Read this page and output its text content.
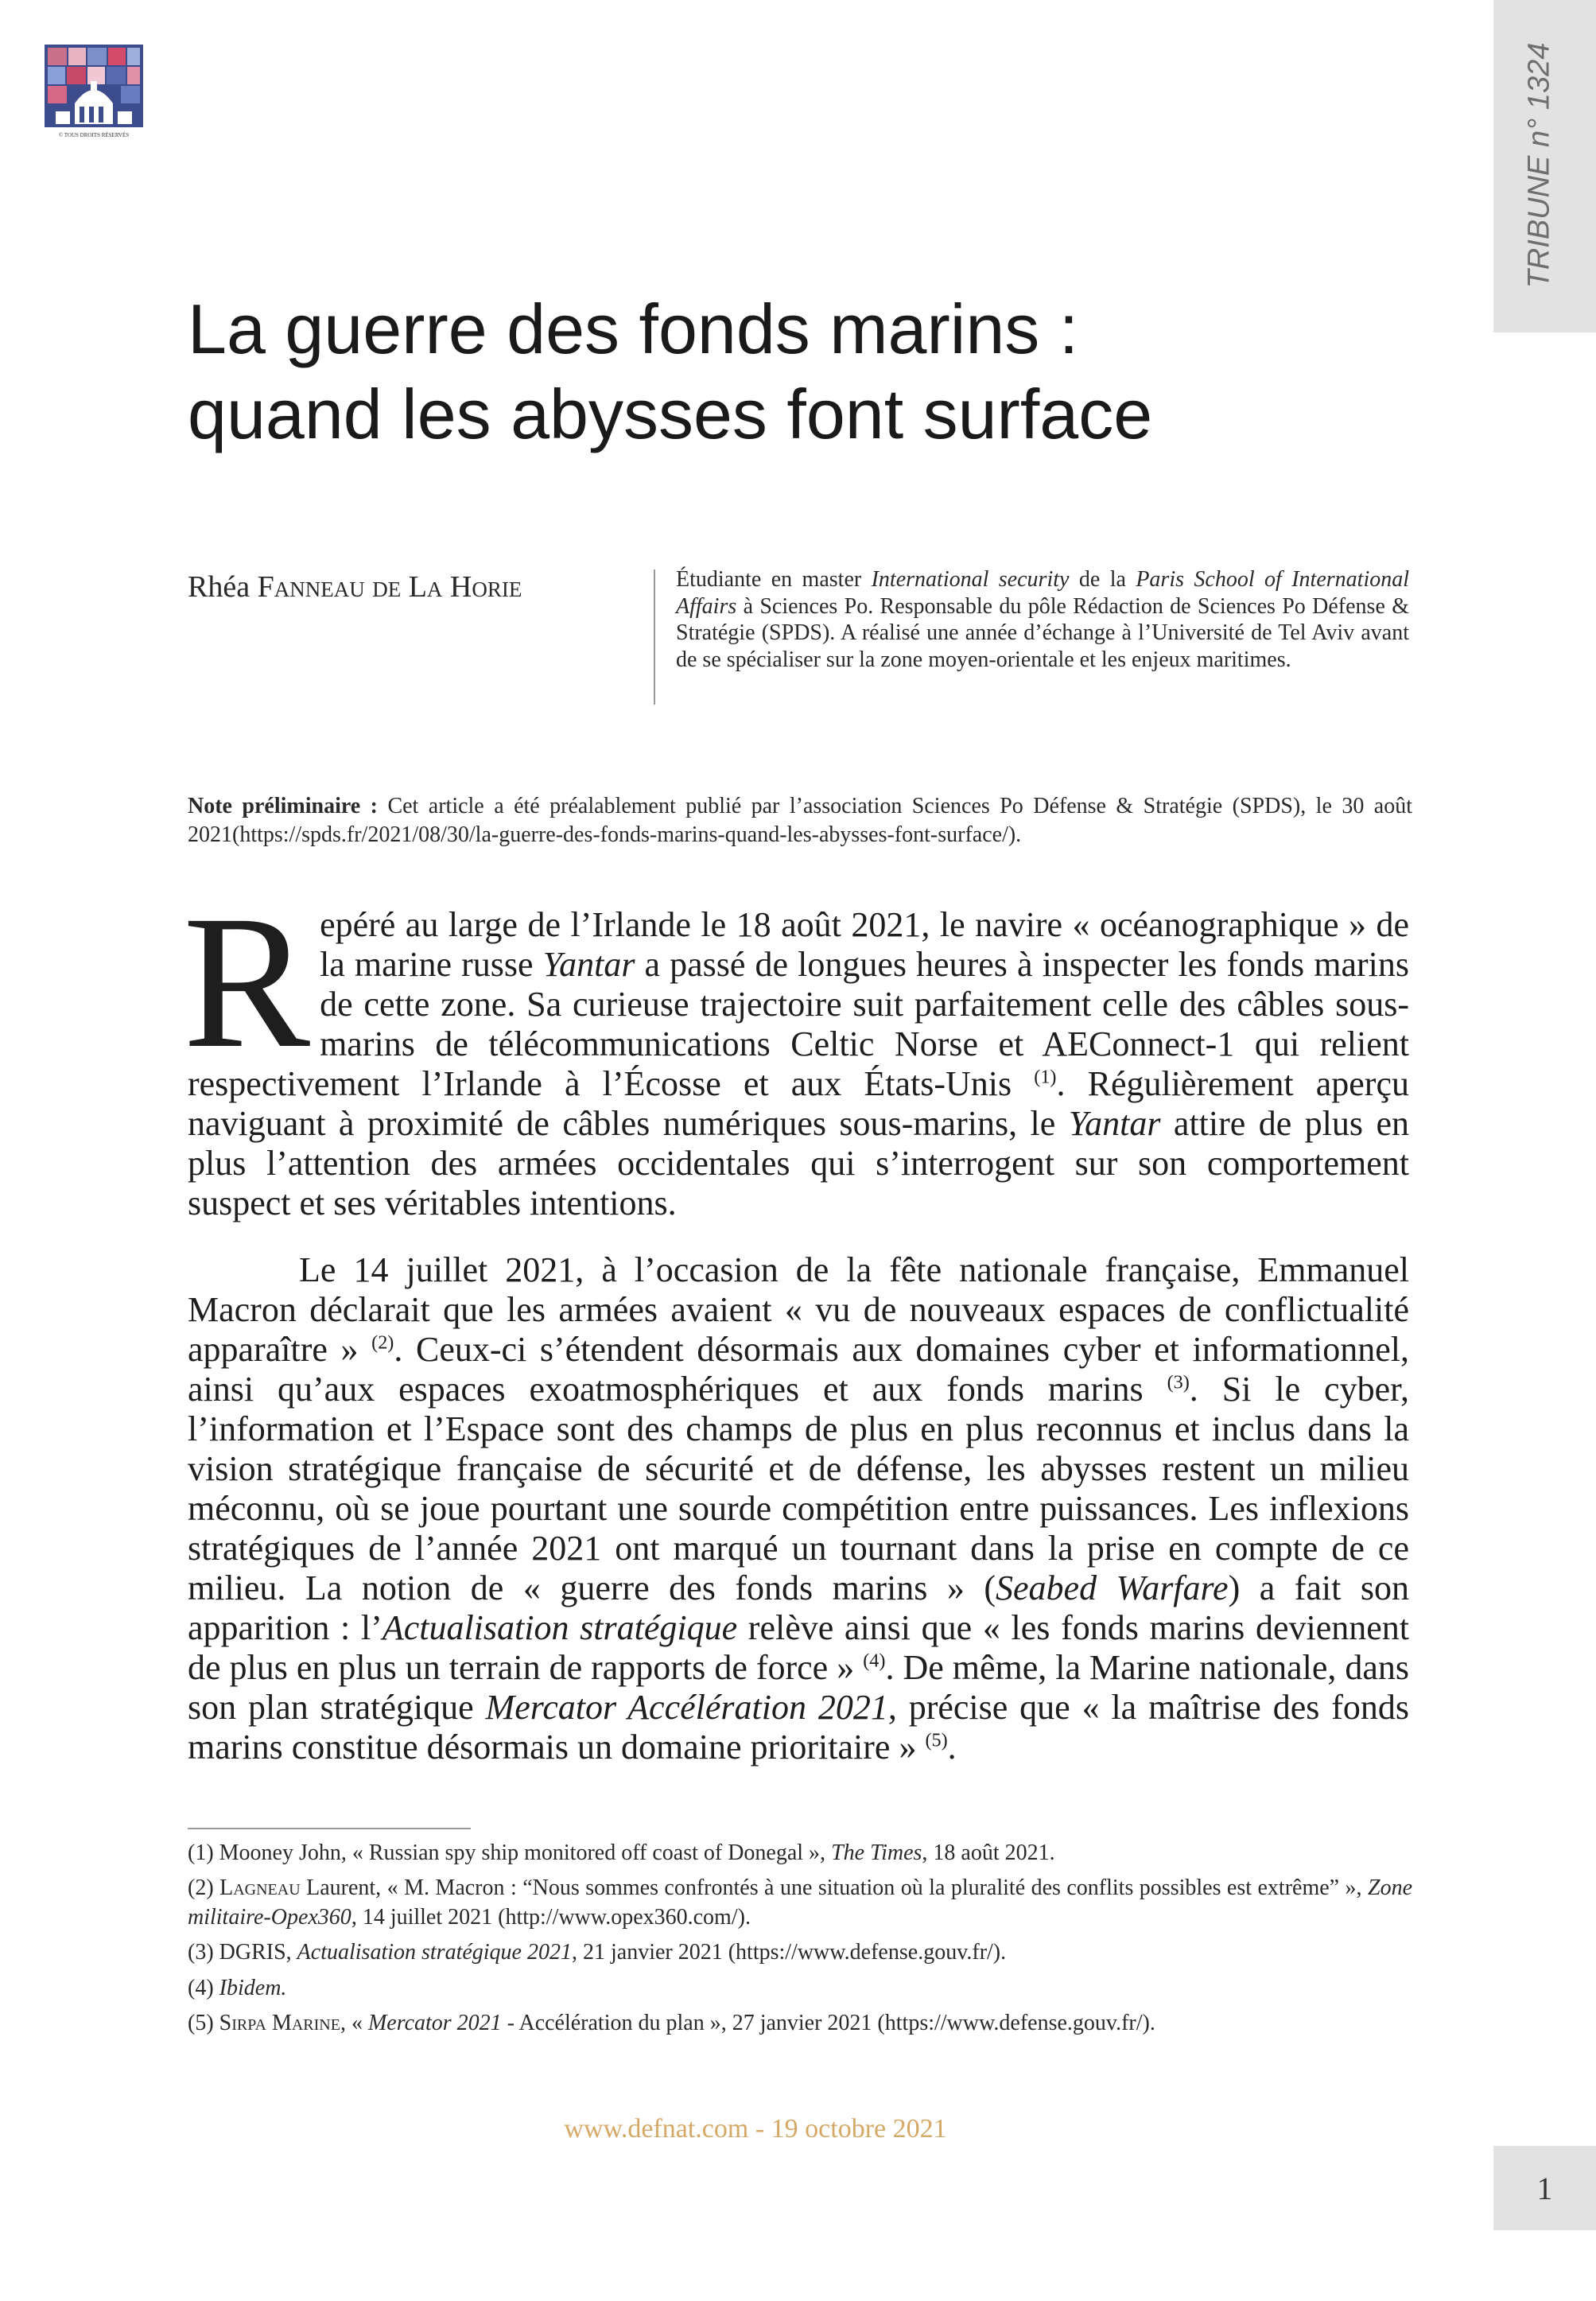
© TOUS DROITS RÉSERVÉS	TRIBUNE n° 1324
La guerre des fonds marins :
quand les abysses font surface
Rhéa Fanneau de La Horie	Étudiante en master International security de la Paris School of International Affairs à Sciences Po. Responsable du pôle Rédaction de Sciences Po Défense & Stratégie (SPDS). A réalisé une année d’échange à l’Université de Tel Aviv avant de se spécialiser sur la zone moyen-orientale et les enjeux maritimes.
Note préliminaire : Cet article a été préalablement publié par l’association Sciences Po Défense & Stratégie (SPDS), le 30 août 2021(https://spds.fr/2021/08/30/la-guerre-des-fonds-marins-quand-les-abysses-font-surface/).
Repéré au large de l’Irlande le 18 août 2021, le navire « océanographique » de la marine russe Yantar a passé de longues heures à inspecter les fonds marins de cette zone. Sa curieuse trajectoire suit parfaitement celle des câbles sous-marins de télécommunications Celtic Norse et AEConnect-1 qui relient respectivement l’Irlande à l’Écosse et aux États-Unis $^{(1)}$. Régulièrement aperçu naviguant à proximité de câbles numériques sous-marins, le Yantar attire de plus en plus l’attention des armées occidentales qui s’interrogent sur son comportement suspect et ses véritables intentions.
Le 14 juillet 2021, à l’occasion de la fête nationale française, Emmanuel Macron déclarait que les armées avaient « vu de nouveaux espaces de conflictualité apparaître » $^{(2)}$. Ceux-ci s’étendent désormais aux domaines cyber et informationnel, ainsi qu’aux espaces exoatmosphériques et aux fonds marins $^{(3)}$. Si le cyber, l’information et l’Espace sont des champs de plus en plus reconnus et inclus dans la vision stratégique française de sécurité et de défense, les abysses restent un milieu méconnu, où se joue pourtant une sourde compétition entre puissances. Les inflexions stratégiques de l’année 2021 ont marqué un tournant dans la prise en compte de ce milieu. La notion de « guerre des fonds marins » (Seabed Warfare) a fait son apparition : l’Actualisation stratégique relève ainsi que « les fonds marins deviennent de plus en plus un terrain de rapports de force » $^{(4)}$. De même, la Marine nationale, dans son plan stratégique Mercator Accélération 2021, précise que « la maîtrise des fonds marins constitue désormais un domaine prioritaire » $^{(5)}$.

(1) Mooney John, « Russian spy ship monitored off coast of Donegal », The Times, 18 août 2021.

(2) Lagneau Laurent, « M. Macron : “Nous sommes confrontés à une situation où la pluralité des conflits possibles est extrême” », Zone militaire-Opex360, 14 juillet 2021 (http://www.opex360.com/).

(3) DGRIS, Actualisation stratégique 2021, 21 janvier 2021 (https://www.defense.gouv.fr/).

(4) Ibidem.

(5) Sirpa Marine, « Mercator 2021 - Accélération du plan », 27 janvier 2021 (https://www.defense.gouv.fr/).

www.defnat.com - 19 octobre 2021
1
